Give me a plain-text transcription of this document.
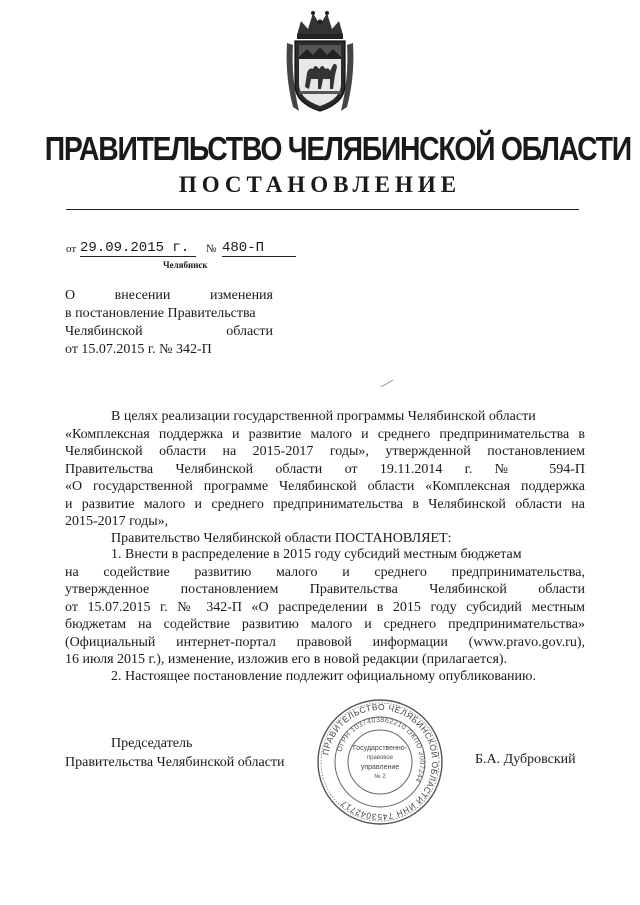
ПРАВИТЕЛЬСТВО ЧЕЛЯБИНСКОЙ ОБЛАСТИ
ПОСТАНОВЛЕНИЕ
от 29.09.2015 г.	№ 480-П
Челябинск
О внесении изменения
в постановление Правительства
Челябинской области
от 15.07.2015 г. № 342-П
В целях реализации государственной программы Челябинской области
«Комплексная поддержка и развитие малого и среднего предпринимательства в
Челябинской области на 2015-2017 годы», утвержденной постановлением
Правительства Челябинской области от 19.11.2014 г. № 594-П
«О государственной программе Челябинской области «Комплексная поддержка
и развитие малого и среднего предпринимательства в Челябинской области на
2015-2017 годы»,
Правительство Челябинской области ПОСТАНОВЛЯЕТ:
1. Внести в распределение в 2015 году субсидий местным бюджетам
на содействие развитию малого и среднего предпринимательства,
утвержденное постановлением Правительства Челябинской области
от 15.07.2015 г. № 342-П «О распределении в 2015 году субсидий местным
бюджетам на содействие развитию малого и среднего предпринимательства»
(Официальный интернет-портал правовой информации (www.pravo.gov.ru),
16 июля 2015 г.), изменение, изложив его в новой редакции (прилагается).
2. Настоящее постановление подлежит официальному опубликованию.
Председатель
Правительства Челябинской области	Б.А. Дубровский
ПРАВИТЕЛЬСТВО ЧЕЛЯБИНСКОЙ ОБЛАСТИ ИНН 7453042717
ОГРН 1037403862210 ОКПО 3007244
Государственно-
правовое
управление
№ 2
